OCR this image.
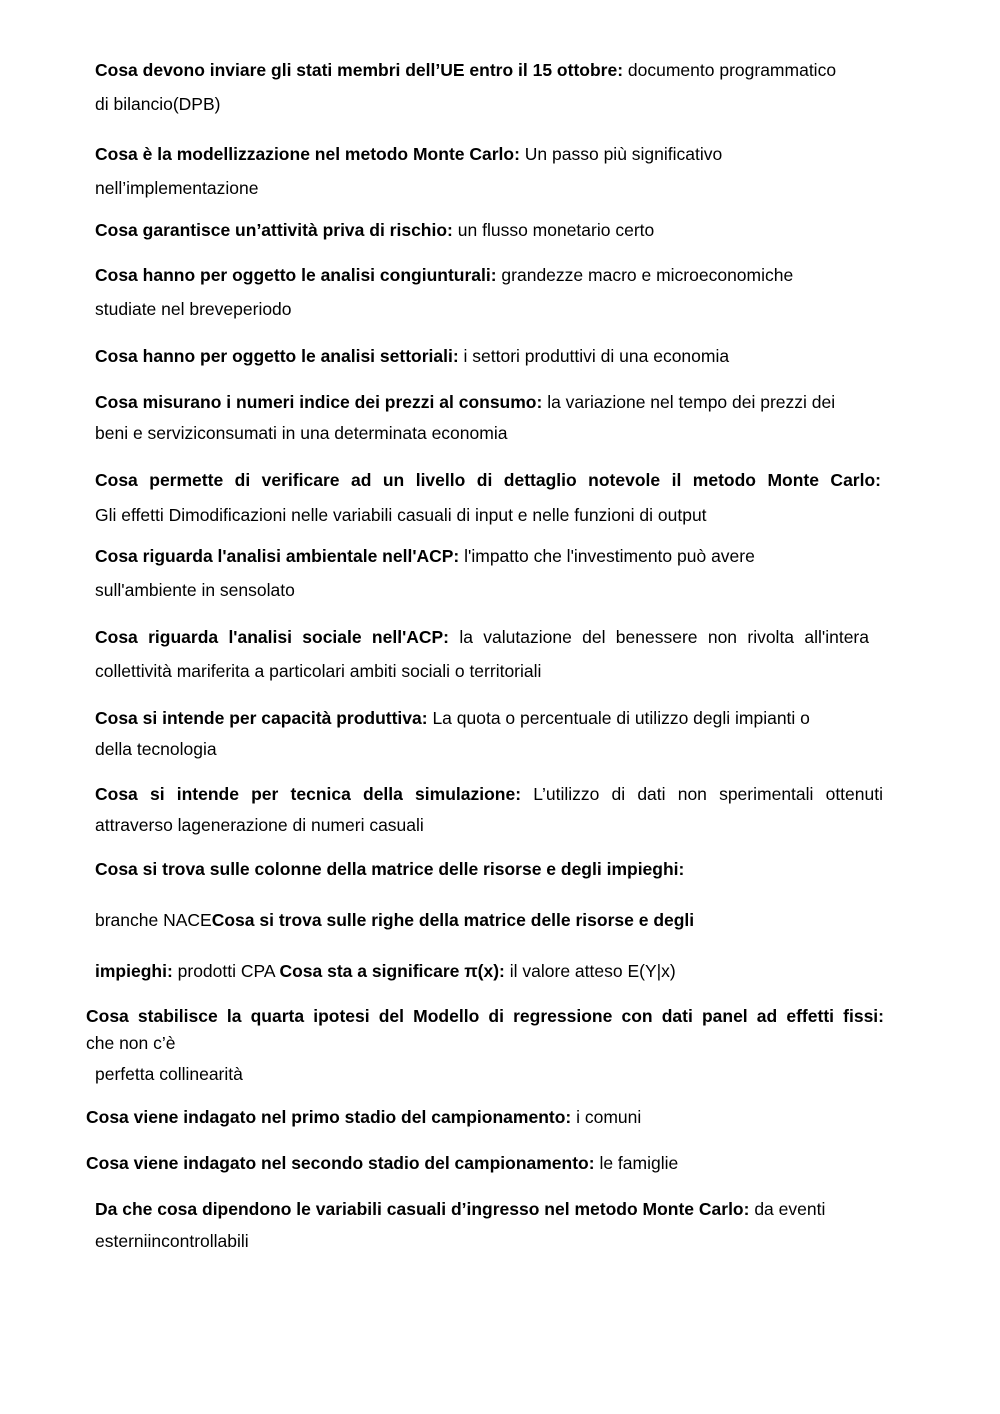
Cosa devono inviare gli stati membri dell’UE entro il 15 ottobre: documento programmatico
di bilancio(DPB)
Cosa è la modellizzazione nel metodo Monte Carlo: Un passo più significativo
nell’implementazione
Cosa garantisce un’attività priva di rischio: un flusso monetario certo
Cosa hanno per oggetto le analisi congiunturali: grandezze macro e microeconomiche
studiate nel breveperiodo
Cosa hanno per oggetto le analisi settoriali: i settori produttivi di una economia
Cosa misurano i numeri indice dei prezzi al consumo: la variazione nel tempo dei prezzi dei
beni e serviziconsumati in una determinata economia
Cosa permette di verificare ad un livello di dettaglio notevole il metodo Monte Carlo:
Gli effetti Dimodificazioni nelle variabili casuali di input e nelle funzioni di output
Cosa riguarda l'analisi ambientale nell'ACP: l'impatto che l'investimento può avere
sull'ambiente in sensolato
Cosa riguarda l'analisi sociale nell'ACP: la valutazione del benessere non rivolta all'intera
collettività mariferita a particolari ambiti sociali o territoriali
Cosa si intende per capacità produttiva: La quota o percentuale di utilizzo degli impianti o
della tecnologia
Cosa si intende per tecnica della simulazione: L’utilizzo di dati non sperimentali ottenuti
attraverso lagenerazione di numeri casuali
Cosa si trova sulle colonne della matrice delle risorse e degli impieghi:
branche NACECosa si trova sulle righe della matrice delle risorse e degli
impieghi: prodotti CPA Cosa sta a significare π(x): il valore atteso E(Y|x)
Cosa stabilisce la quarta ipotesi del Modello di regressione con dati panel ad effetti fissi:
che non c’è
perfetta collinearità
Cosa viene indagato nel primo stadio del campionamento: i comuni
Cosa viene indagato nel secondo stadio del campionamento: le famiglie
Da che cosa dipendono le variabili casuali d’ingresso nel metodo Monte Carlo: da eventi
esterniincontrollabili
